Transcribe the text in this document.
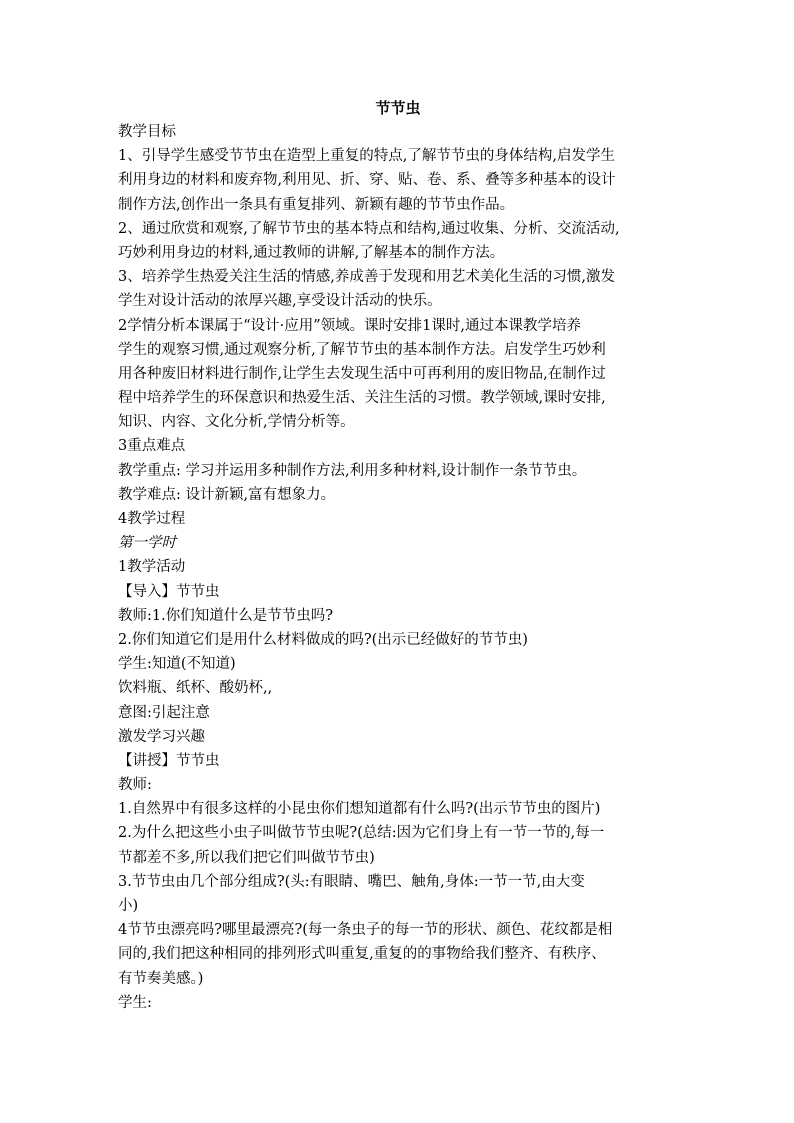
节节虫
教学目标
1、引导学生感受节节虫在造型上重复的特点,了解节节虫的身体结构,启发学生
利用身边的材料和废弃物,利用见、折、穿、贴、卷、系、叠等多种基本的设计
制作方法,创作出一条具有重复排列、新颖有趣的节节虫作品。
2、通过欣赏和观察,了解节节虫的基本特点和结构,通过收集、分析、交流活动,
巧妙利用身边的材料,通过教师的讲解,了解基本的制作方法。
3、培养学生热爱关注生活的情感,养成善于发现和用艺术美化生活的习惯,激发
学生对设计活动的浓厚兴趣,享受设计活动的快乐。
2学情分析本课属于“设计·应用”领域。课时安排1课时,通过本课教学培养
学生的观察习惯,通过观察分析,了解节节虫的基本制作方法。启发学生巧妙利
用各种废旧材料进行制作,让学生去发现生活中可再利用的废旧物品,在制作过
程中培养学生的环保意识和热爱生活、关注生活的习惯。教学领域,课时安排,
知识、内容、文化分析,学情分析等。
3重点难点
教学重点: 学习并运用多种制作方法,利用多种材料,设计制作一条节节虫。
教学难点: 设计新颖,富有想象力。
4教学过程
第一学时
1教学活动
【导入】节节虫
教师:1.你们知道什么是节节虫吗?
2.你们知道它们是用什么材料做成的吗?(出示已经做好的节节虫)
学生:知道(不知道)
饮料瓶、纸杯、酸奶杯,,
意图:引起注意
激发学习兴趣
【讲授】节节虫
教师:
1.自然界中有很多这样的小昆虫你们想知道都有什么吗?(出示节节虫的图片)
2.为什么把这些小虫子叫做节节虫呢?(总结:因为它们身上有一节一节的,每一
节都差不多,所以我们把它们叫做节节虫)
3.节节虫由几个部分组成?(头:有眼睛、嘴巴、触角,身体:一节一节,由大变
小)
4节节虫漂亮吗?哪里最漂亮?(每一条虫子的每一节的形状、颜色、花纹都是相
同的,我们把这种相同的排列形式叫重复,重复的的事物给我们整齐、有秩序、
有节奏美感。)
学生:
